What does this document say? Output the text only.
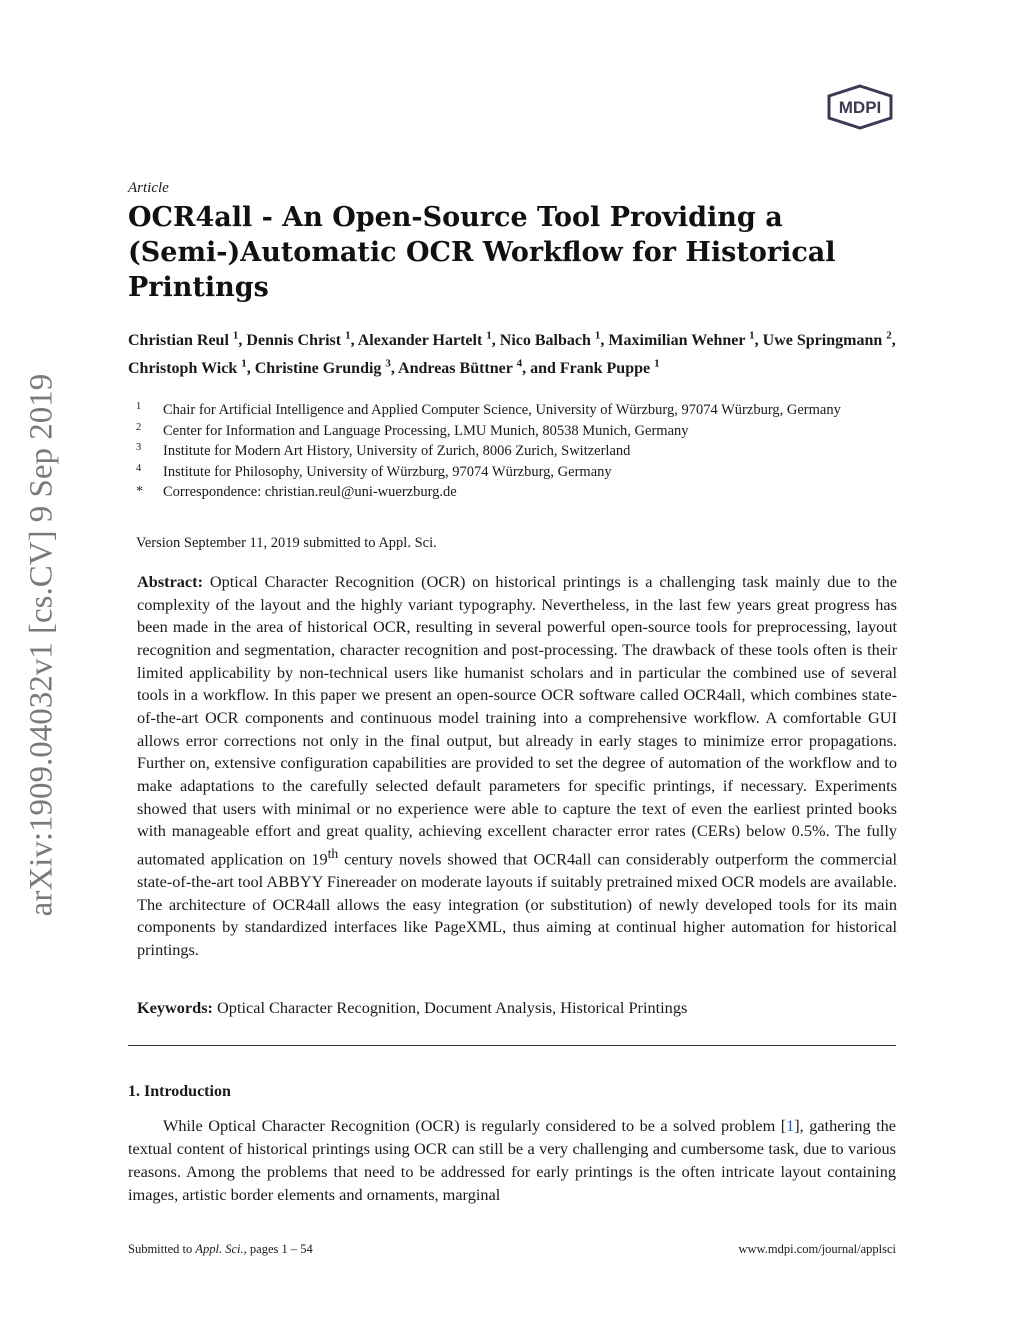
arXiv:1909.04032v1 [cs.CV] 9 Sep 2019
MDPI
Article
OCR4all - An Open-Source Tool Providing a (Semi-)Automatic OCR Workflow for Historical Printings
Christian Reul $^1$, Dennis Christ $^1$, Alexander Hartelt $^1$, Nico Balbach $^1$, Maximilian Wehner $^1$, Uwe Springmann $^2$, Christoph Wick $^1$, Christine Grundig $^3$, Andreas Büttner $^4$, and Frank Puppe $^1$
1 Chair for Artificial Intelligence and Applied Computer Science, University of Würzburg, 97074 Würzburg, Germany
2 Center for Information and Language Processing, LMU Munich, 80538 Munich, Germany
3 Institute for Modern Art History, University of Zurich, 8006 Zurich, Switzerland
4 Institute for Philosophy, University of Würzburg, 97074 Würzburg, Germany
* Correspondence: christian.reul@uni-wuerzburg.de
Version September 11, 2019 submitted to Appl. Sci.
Abstract: Optical Character Recognition (OCR) on historical printings is a challenging task mainly due to the complexity of the layout and the highly variant typography. Nevertheless, in the last few years great progress has been made in the area of historical OCR, resulting in several powerful open-source tools for preprocessing, layout recognition and segmentation, character recognition and post-processing. The drawback of these tools often is their limited applicability by non-technical users like humanist scholars and in particular the combined use of several tools in a workflow. In this paper we present an open-source OCR software called OCR4all, which combines state-of-the-art OCR components and continuous model training into a comprehensive workflow. A comfortable GUI allows error corrections not only in the final output, but already in early stages to minimize error propagations. Further on, extensive configuration capabilities are provided to set the degree of automation of the workflow and to make adaptations to the carefully selected default parameters for specific printings, if necessary. Experiments showed that users with minimal or no experience were able to capture the text of even the earliest printed books with manageable effort and great quality, achieving excellent character error rates (CERs) below 0.5%. The fully automated application on 19th century novels showed that OCR4all can considerably outperform the commercial state-of-the-art tool ABBYY Finereader on moderate layouts if suitably pretrained mixed OCR models are available. The architecture of OCR4all allows the easy integration (or substitution) of newly developed tools for its main components by standardized interfaces like PageXML, thus aiming at continual higher automation for historical printings.
Keywords: Optical Character Recognition, Document Analysis, Historical Printings
1. Introduction

While Optical Character Recognition (OCR) is regularly considered to be a solved problem [1], gathering the textual content of historical printings using OCR can still be a very challenging and cumbersome task, due to various reasons. Among the problems that need to be addressed for early printings is the often intricate layout containing images, artistic border elements and ornaments, marginal

Submitted to Appl. Sci., pages 1 – 54	www.mdpi.com/journal/applsci
